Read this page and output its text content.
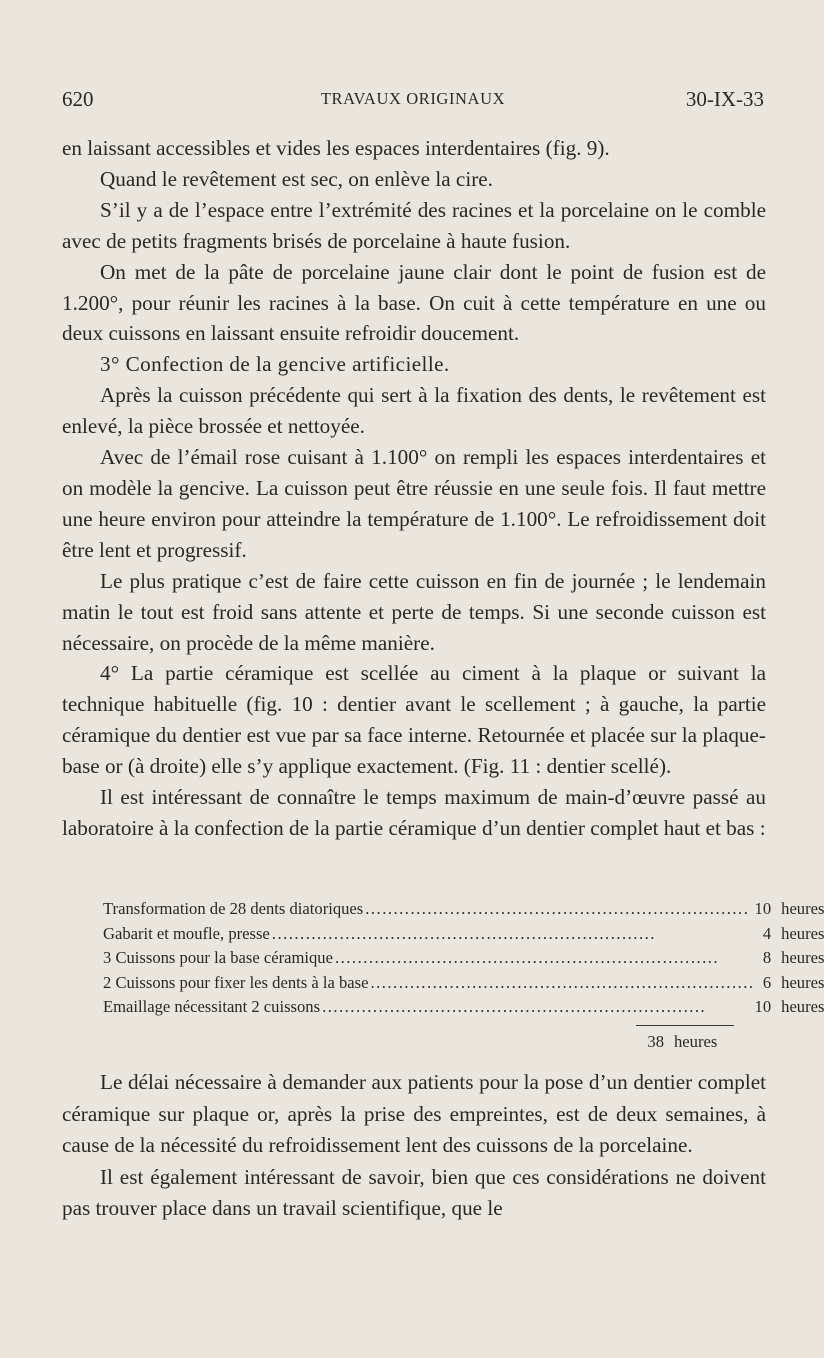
620	TRAVAUX ORIGINAUX	30-IX-33

en laissant accessibles et vides les espaces interdentaires (fig. 9).

Quand le revêtement est sec, on enlève la cire.

S’il y a de l’espace entre l’extrémité des racines et la porcelaine on le comble avec de petits fragments brisés de porcelaine à haute fusion.

On met de la pâte de porcelaine jaune clair dont le point de fusion est de 1.200°, pour réunir les racines à la base. On cuit à cette température en une ou deux cuissons en laissant ensuite refroidir doucement.

3° Confection de la gencive artificielle.

Après la cuisson précédente qui sert à la fixation des dents, le revêtement est enlevé, la pièce brossée et nettoyée.

Avec de l’émail rose cuisant à 1.100° on rempli les espaces interdentaires et on modèle la gencive. La cuisson peut être réussie en une seule fois. Il faut mettre une heure environ pour atteindre la température de 1.100°. Le refroidissement doit être lent et progressif.

Le plus pratique c’est de faire cette cuisson en fin de journée ; le lendemain matin le tout est froid sans attente et perte de temps. Si une seconde cuisson est nécessaire, on procède de la même manière.

4° La partie céramique est scellée au ciment à la plaque or suivant la technique habituelle (fig. 10 : dentier avant le scellement ; à gauche, la partie céramique du dentier est vue par sa face interne. Retournée et placée sur la plaque-base or (à droite) elle s’y applique exactement. (Fig. 11 : dentier scellé).

Il est intéressant de connaître le temps maximum de main-d’œuvre passé au laboratoire à la confection de la partie céramique d’un dentier complet haut et bas :

Transformation de 28 dents diatoriques ....................................................................	10	heures
Gabarit et moufle, presse ....................................................................	4	heures
3 Cuissons pour la base céramique ....................................................................	8	heures
2 Cuissons pour fixer les dents à la base ....................................................................	6	heures
Emaillage nécessitant 2 cuissons ....................................................................	10	heures
38 heures

Le délai nécessaire à demander aux patients pour la pose d’un dentier complet céramique sur plaque or, après la prise des empreintes, est de deux semaines, à cause de la nécessité du refroidissement lent des cuissons de la porcelaine.

Il est également intéressant de savoir, bien que ces considérations ne doivent pas trouver place dans un travail scientifique, que le
